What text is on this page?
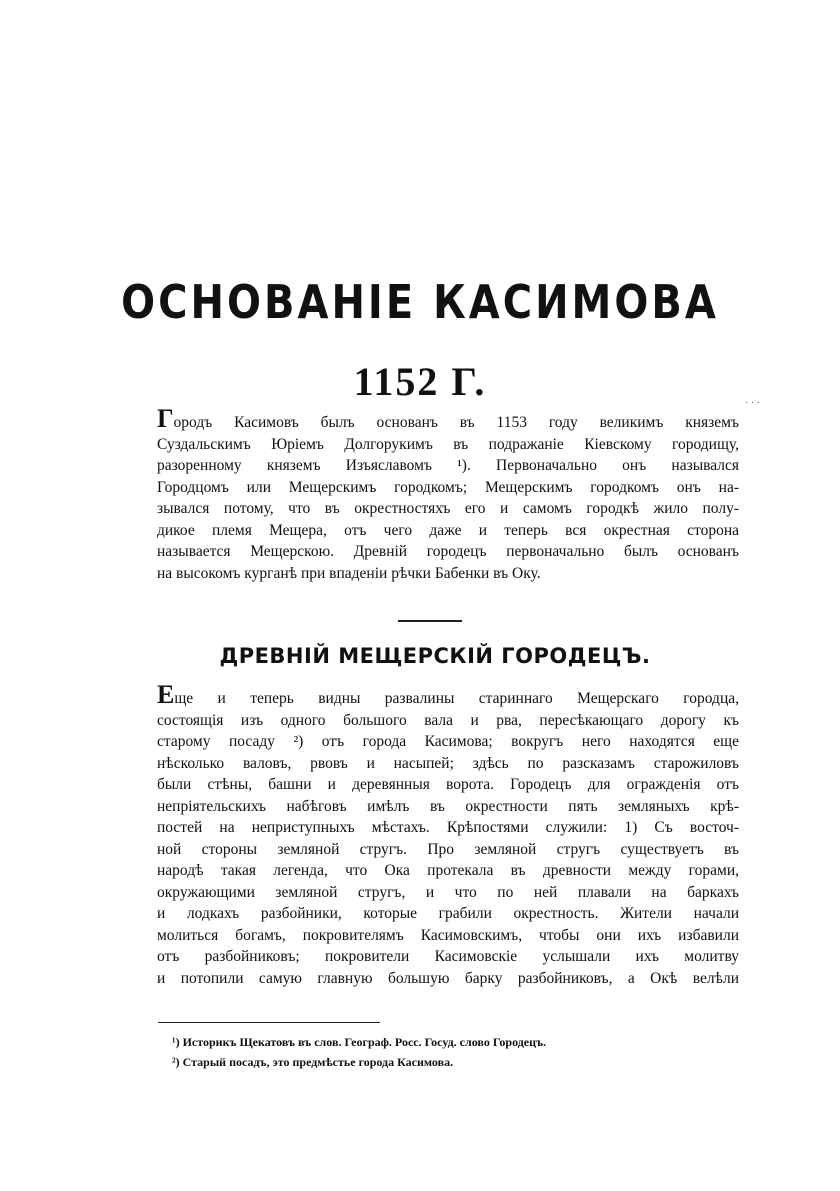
ОСНОВАНІЕ КАСИМОВА
1152 Г.	· · ·
Городъ Касимовъ былъ основанъ въ 1153 году великимъ княземъ
Суздальскимъ Юріемъ Долгорукимъ въ подражаніе Кіевскому городищу,
разоренному княземъ Изъяславомъ ¹). Первоначально онъ назывался
Городцомъ или Мещерскимъ городкомъ; Мещерскимъ городкомъ онъ на-
зывался потому, что въ окрестностяхъ его и самомъ городкѣ жило полу-
дикое племя Мещера, отъ чего даже и теперь вся окрестная сторона
называется Мещерскою. Древній городецъ первоначально былъ основанъ
на высокомъ курганѣ при впаденіи рѣчки Бабенки въ Оку.
ДРЕВНІЙ МЕЩЕРСКІЙ ГОРОДЕЦЪ.
Еще и теперь видны развалины стариннаго Мещерскаго городца,
состоящія изъ одного большого вала и рва, пересѣкающаго дорогу къ
старому посаду ²) отъ города Касимова; вокругъ него находятся еще
нѣсколько валовъ, рвовъ и насыпей; здѣсь по разсказамъ старожиловъ
были стѣны, башни и деревянныя ворота. Городецъ для огражденія отъ
непріятельскихъ набѣговъ имѣлъ въ окрестности пять земляныхъ крѣ-
постей на неприступныхъ мѣстахъ. Крѣпостями служили: 1) Съ восточ-
ной стороны земляной стругъ. Про земляной стругъ существуетъ въ
народѣ такая легенда, что Ока протекала въ древности между горами,
окружающими земляной стругъ, и что по ней плавали на баркахъ
и лодкахъ разбойники, которые грабили окрестность. Жители начали
молиться богамъ, покровителямъ Касимовскимъ, чтобы они ихъ избавили
отъ разбойниковъ; покровители Касимовскіе услышали ихъ молитву
и потопили самую главную большую барку разбойниковъ, а Окѣ велѣли
¹) Историкъ Щекатовъ въ слов. Географ. Росс. Госуд. слово Городецъ.
²) Старый посадъ, это предмѣстье города Касимова.
